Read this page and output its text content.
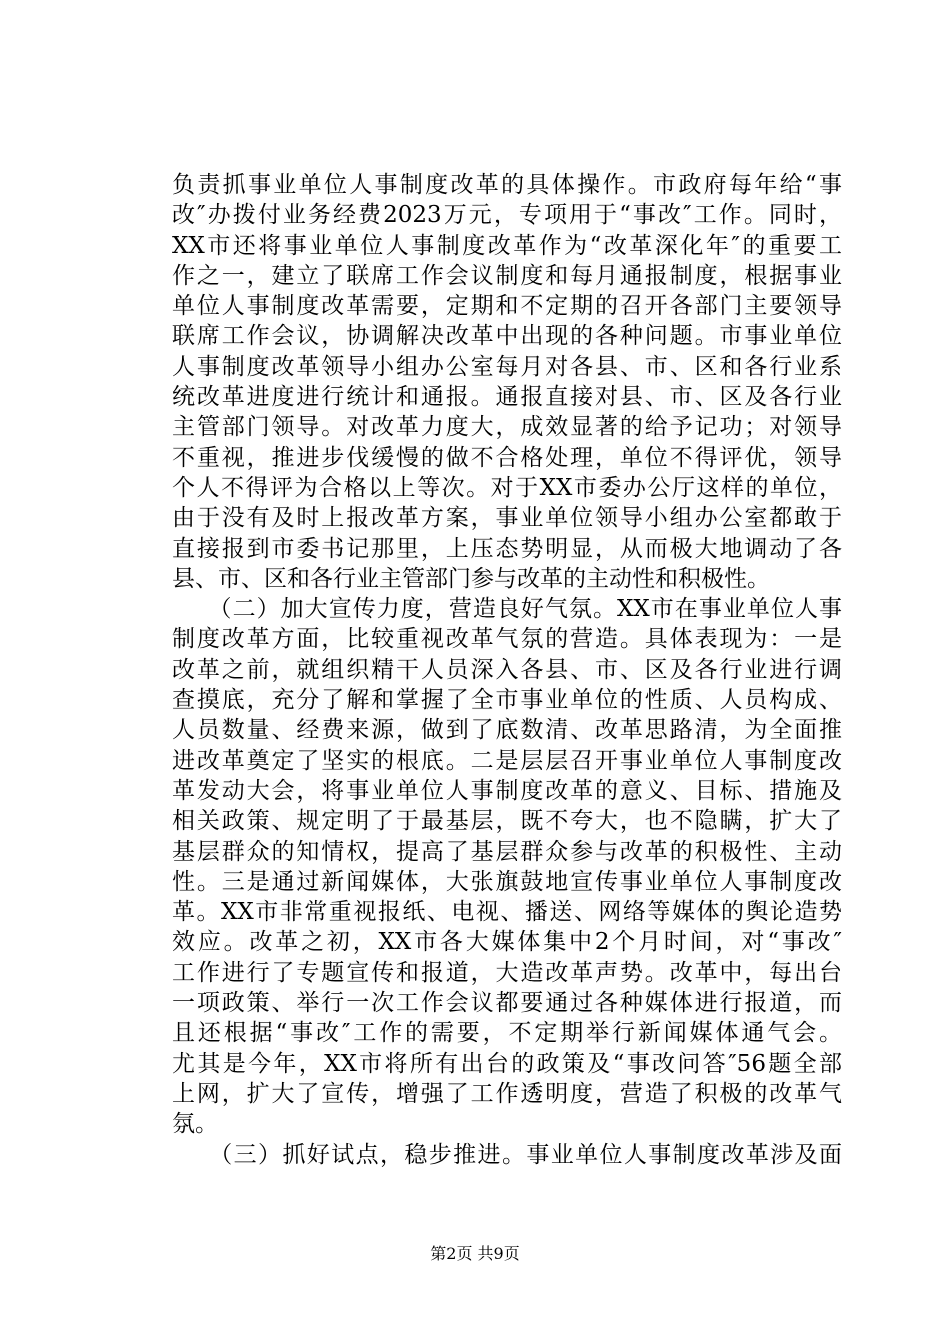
负责抓事业单位人事制度改革的具体操作。市政府每年给“事
改″办拨付业务经费2023万元，专项用于“事改″工作。同时，
XX市还将事业单位人事制度改革作为“改革深化年″的重要工
作之一，建立了联席工作会议制度和每月通报制度，根据事业
单位人事制度改革需要，定期和不定期的召开各部门主要领导
联席工作会议，协调解决改革中出现的各种问题。市事业单位
人事制度改革领导小组办公室每月对各县、市、区和各行业系
统改革进度进行统计和通报。通报直接对县、市、区及各行业
主管部门领导。对改革力度大，成效显著的给予记功；对领导
不重视，推进步伐缓慢的做不合格处理，单位不得评优，领导
个人不得评为合格以上等次。对于XX市委办公厅这样的单位，
由于没有及时上报改革方案，事业单位领导小组办公室都敢于
直接报到市委书记那里，上压态势明显，从而极大地调动了各
县、市、区和各行业主管部门参与改革的主动性和积极性。
　　（二）加大宣传力度，营造良好气氛。XX市在事业单位人事
制度改革方面，比较重视改革气氛的营造。具体表现为：一是
改革之前，就组织精干人员深入各县、市、区及各行业进行调
查摸底，充分了解和掌握了全市事业单位的性质、人员构成、
人员数量、经费来源，做到了底数清、改革思路清，为全面推
进改革奠定了坚实的根底。二是层层召开事业单位人事制度改
革发动大会，将事业单位人事制度改革的意义、目标、措施及
相关政策、规定明了于最基层，既不夸大，也不隐瞒，扩大了
基层群众的知情权，提高了基层群众参与改革的积极性、主动
性。三是通过新闻媒体，大张旗鼓地宣传事业单位人事制度改
革。XX市非常重视报纸、电视、播送、网络等媒体的舆论造势
效应。改革之初，XX市各大媒体集中2个月时间，对“事改″
工作进行了专题宣传和报道，大造改革声势。改革中，每出台
一项政策、举行一次工作会议都要通过各种媒体进行报道，而
且还根据“事改″工作的需要，不定期举行新闻媒体通气会。
尤其是今年，XX市将所有出台的政策及“事改问答″56题全部
上网，扩大了宣传，增强了工作透明度，营造了积极的改革气
氛。
　　（三）抓好试点，稳步推进。事业单位人事制度改革涉及面
第2页 共9页
